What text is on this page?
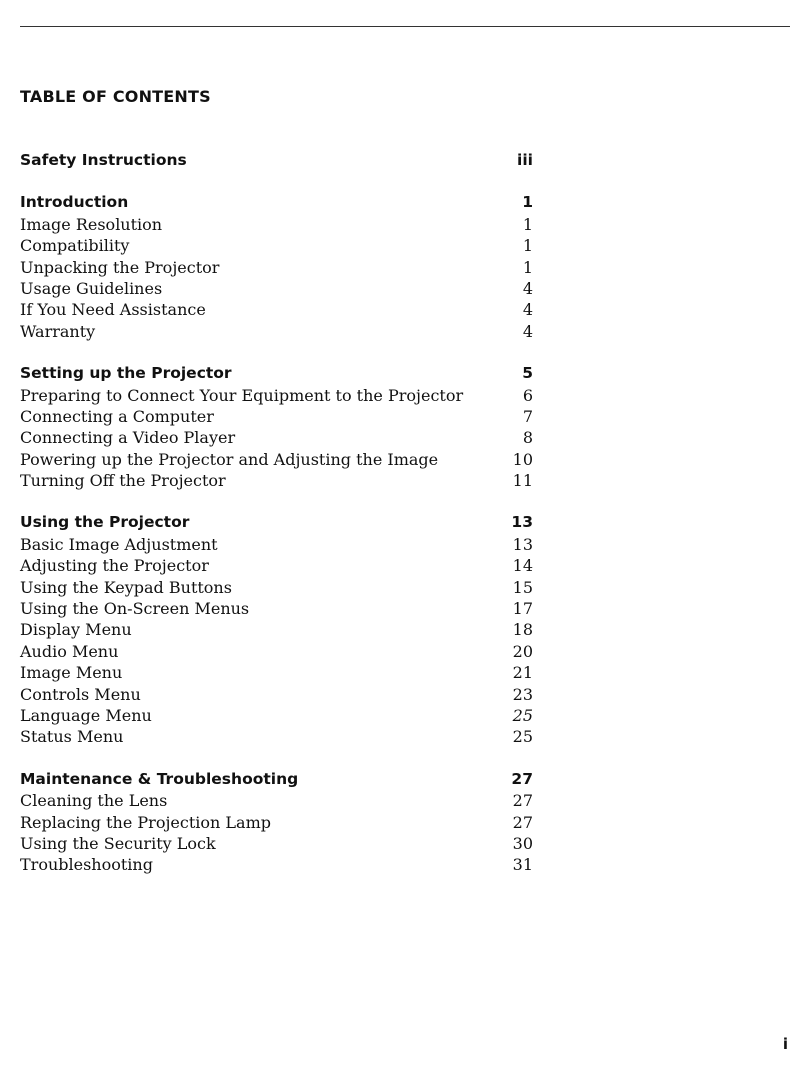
TABLE OF CONTENTS
Safety Instructions	iii
Introduction	1
Image Resolution	1
Compatibility	1
Unpacking the Projector	1
Usage Guidelines	4
If You Need Assistance	4
Warranty	4
Setting up the Projector	5
Preparing to Connect Your Equipment to the Projector	6
Connecting a Computer	7
Connecting a Video Player	8
Powering up the Projector and Adjusting the Image	10
Turning Off the Projector	11
Using the Projector	13
Basic Image Adjustment	13
Adjusting the Projector	14
Using the Keypad Buttons	15
Using the On-Screen Menus	17
Display Menu	18
Audio Menu	20
Image Menu	21
Controls Menu	23
Language Menu	25
Status Menu	25
Maintenance & Troubleshooting	27
Cleaning the Lens	27
Replacing the Projection Lamp	27
Using the Security Lock	30
Troubleshooting	31
i
